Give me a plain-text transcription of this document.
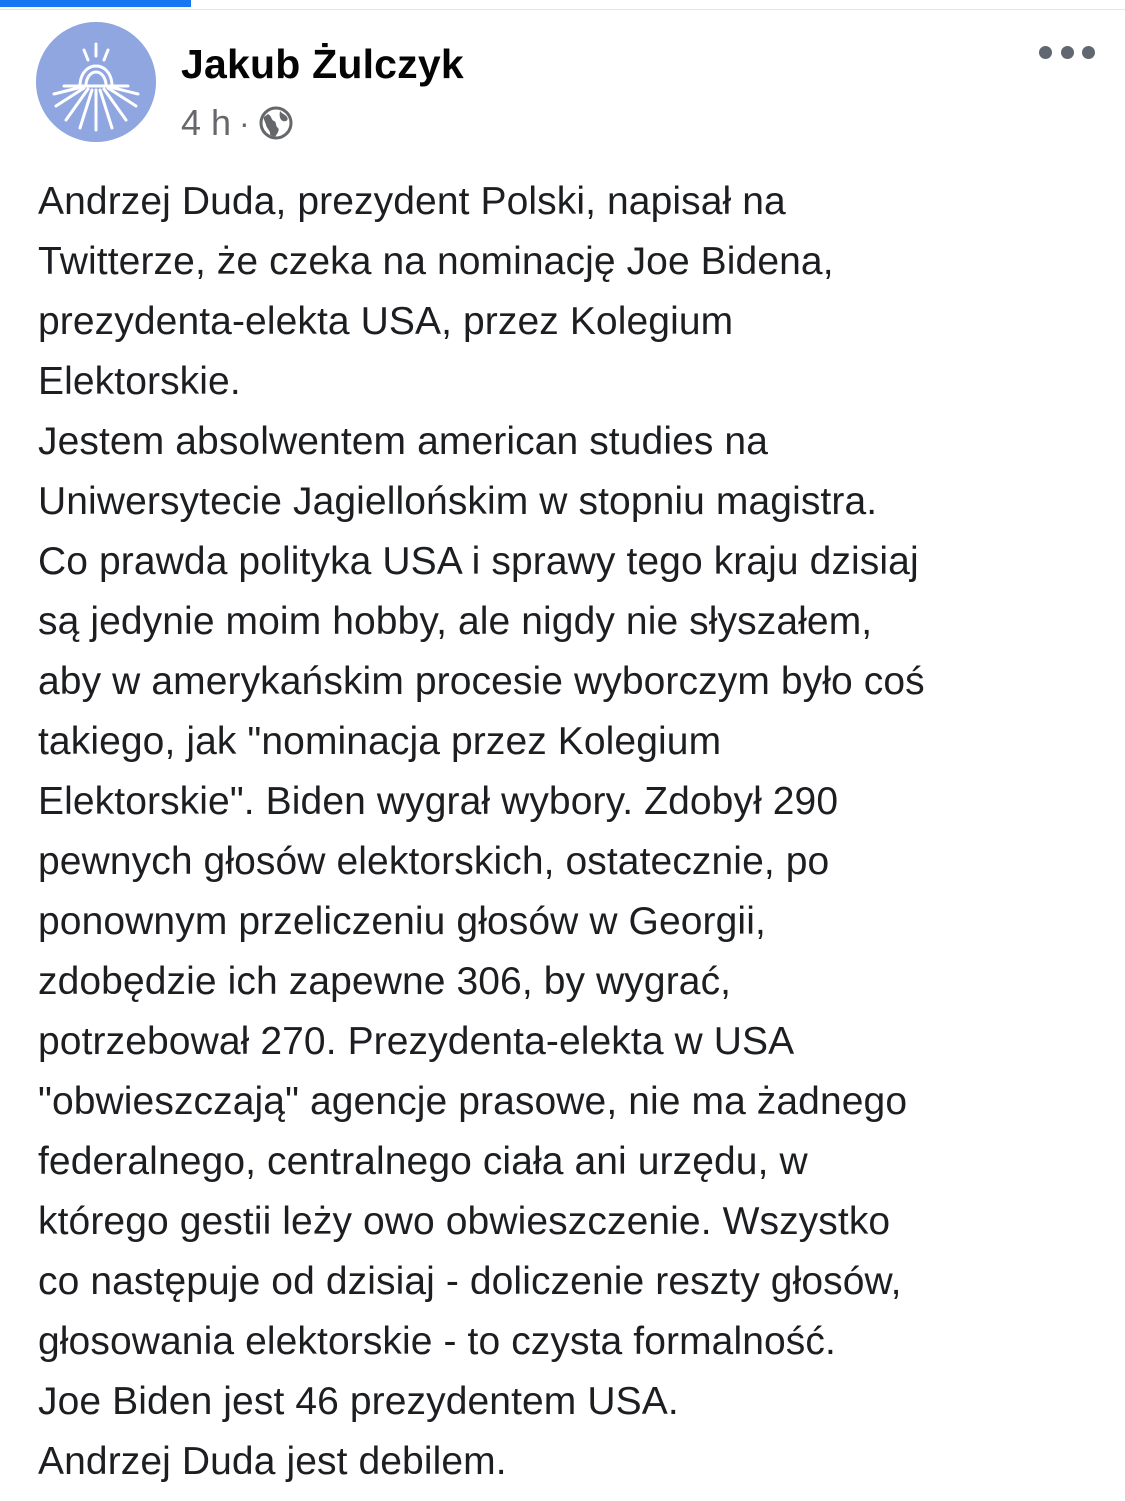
Jakub Żulczyk
4 h ·
Andrzej Duda, prezydent Polski, napisał na
Twitterze, że czeka na nominację Joe Bidena,
prezydenta-elekta USA, przez Kolegium
Elektorskie.
Jestem absolwentem american studies na
Uniwersytecie Jagiellońskim w stopniu magistra.
Co prawda polityka USA i sprawy tego kraju dzisiaj
są jedynie moim hobby, ale nigdy nie słyszałem,
aby w amerykańskim procesie wyborczym było coś
takiego, jak "nominacja przez Kolegium
Elektorskie". Biden wygrał wybory. Zdobył 290
pewnych głosów elektorskich, ostatecznie, po
ponownym przeliczeniu głosów w Georgii,
zdobędzie ich zapewne 306, by wygrać,
potrzebował 270. Prezydenta-elekta w USA
"obwieszczają" agencje prasowe, nie ma żadnego
federalnego, centralnego ciała ani urzędu, w
którego gestii leży owo obwieszczenie. Wszystko
co następuje od dzisiaj - doliczenie reszty głosów,
głosowania elektorskie - to czysta formalność.
Joe Biden jest 46 prezydentem USA.
Andrzej Duda jest debilem.
